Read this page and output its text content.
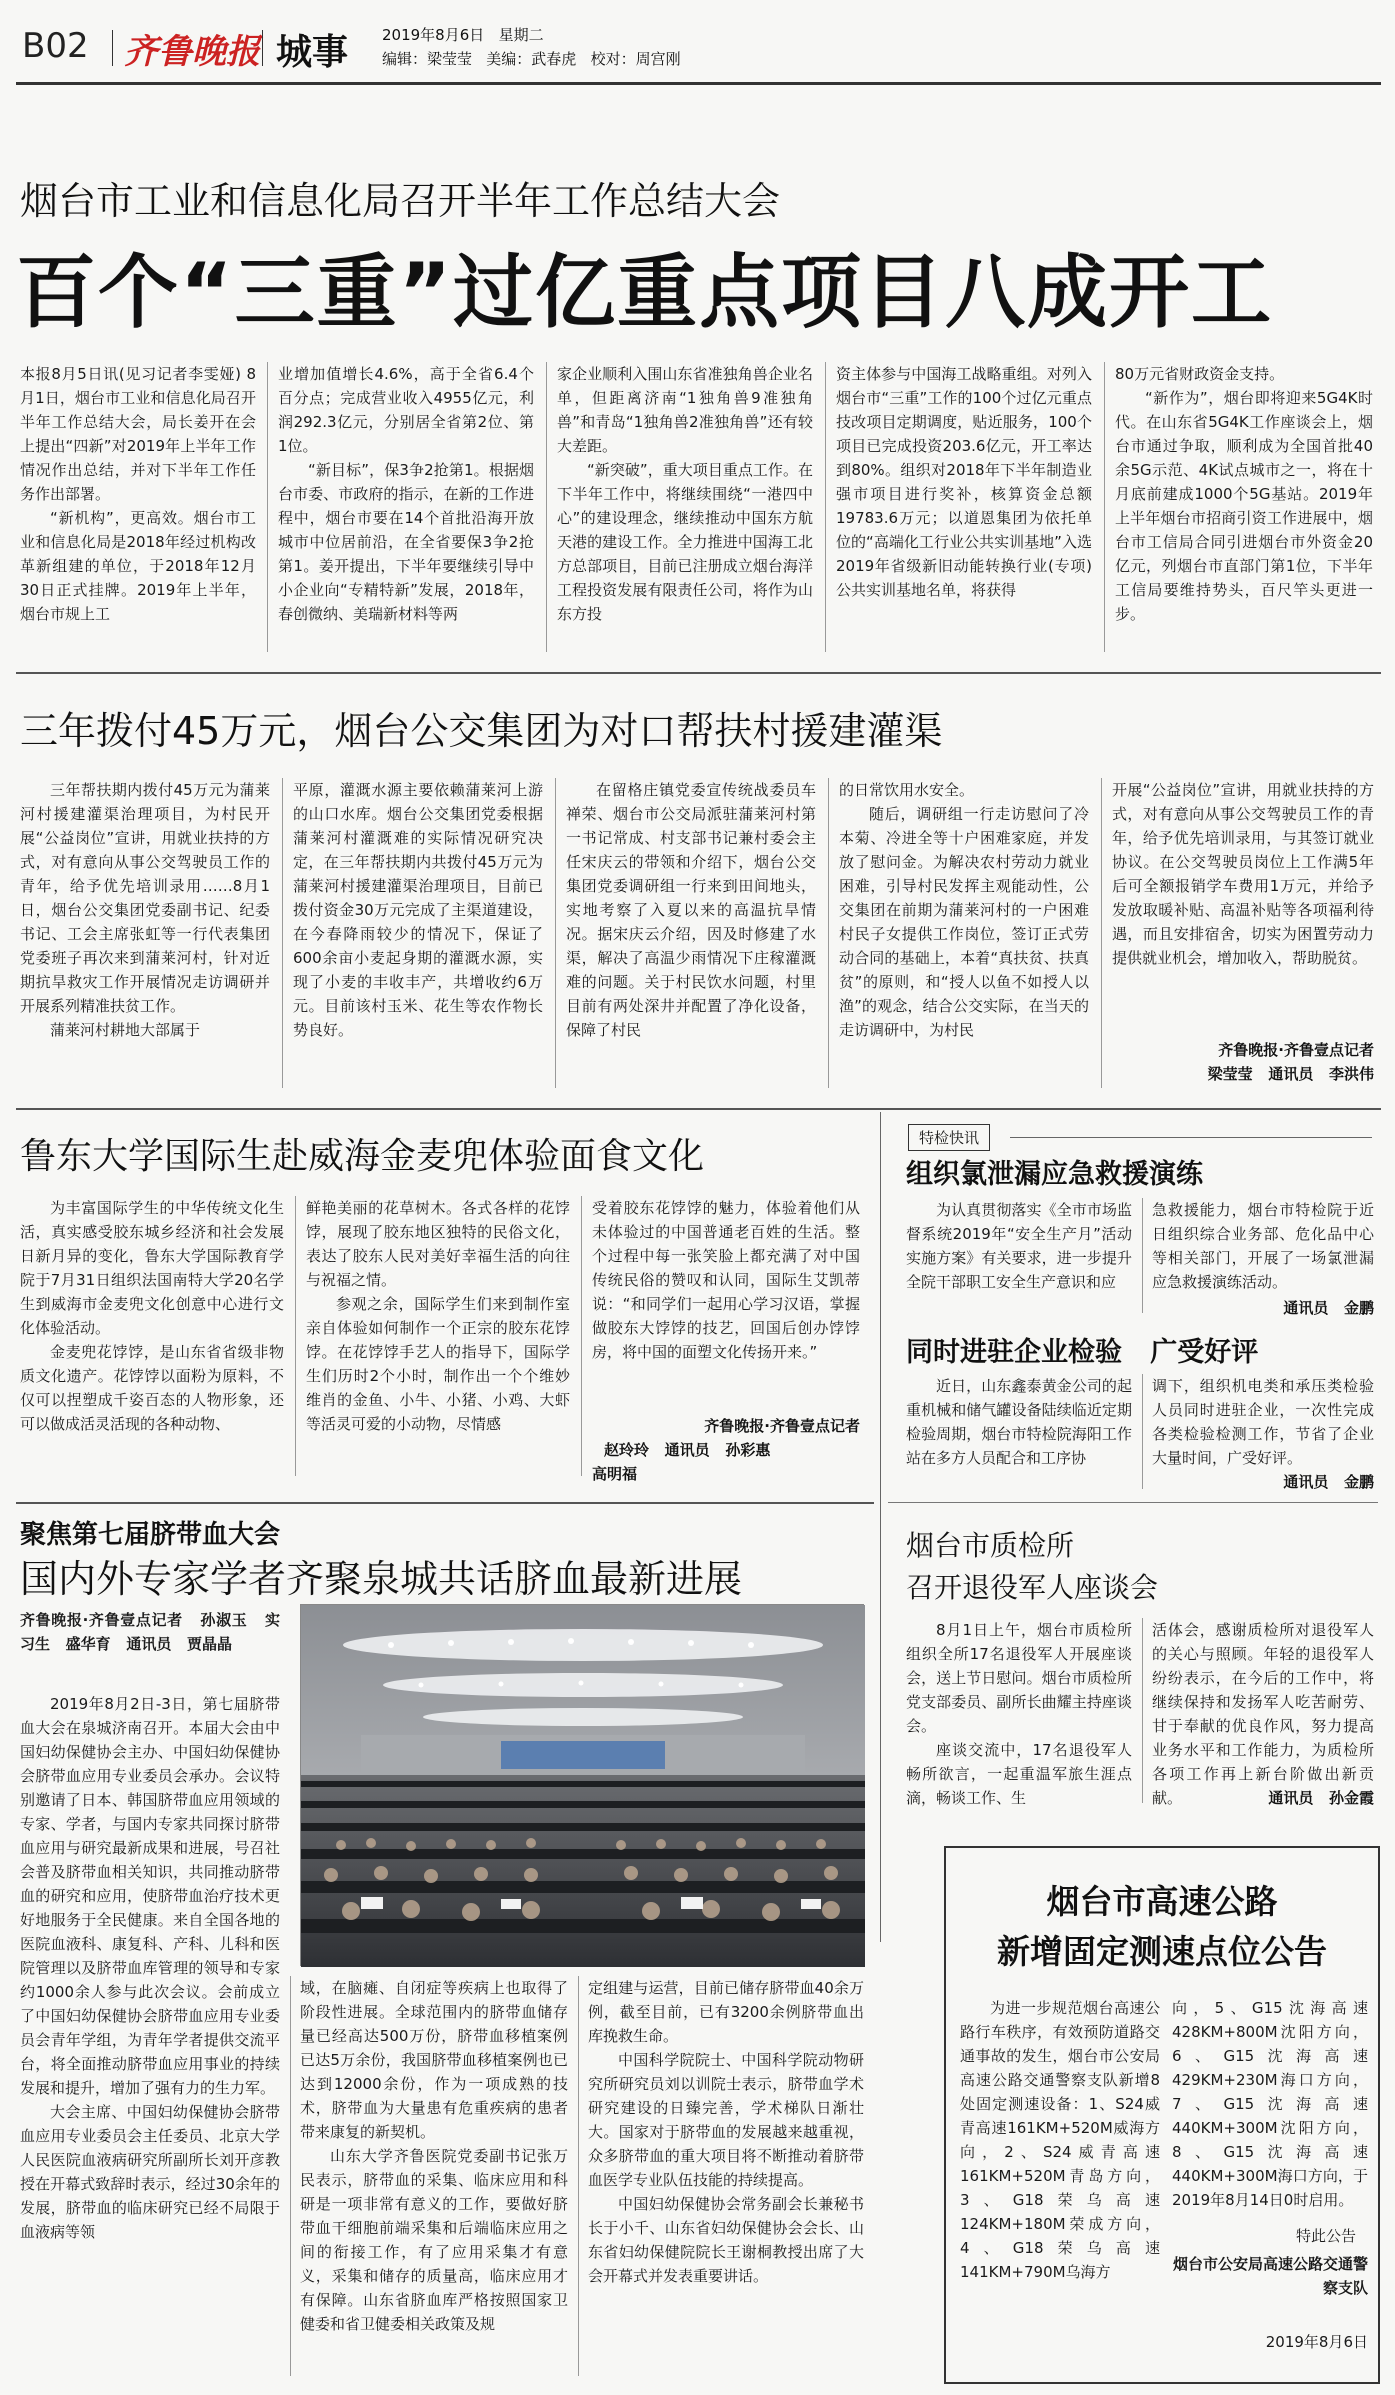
B02 齐鲁晚报 城事 2019年8月6日   星期二
编辑：梁莹莹   美编：武春虎   校对：周宫刚
烟台市工业和信息化局召开半年工作总结大会
百个“三重”过亿重点项目八成开工

本报8月5日讯(见习记者李雯娅) 8月1日，烟台市工业和信息化局召开半年工作总结大会，局长姜开在会上提出“四新”对2019年上半年工作情况作出总结，并对下半年工作任务作出部署。

“新机构”，更高效。烟台市工业和信息化局是2018年经过机构改革新组建的单位，于2018年12月30日正式挂牌。2019年上半年，烟台市规上工

业增加值增长4.6%，高于全省6.4个百分点；完成营业收入4955亿元，利润292.3亿元，分别居全省第2位、第1位。

“新目标”，保3争2抢第1。根据烟台市委、市政府的指示，在新的工作进程中，烟台市要在14个首批沿海开放城市中位居前沿，在全省要保3争2抢第1。姜开提出，下半年要继续引导中小企业向“专精特新”发展，2018年，春创微纳、美瑞新材料等两

家企业顺利入围山东省准独角兽企业名单，但距离济南“1独角兽9准独角兽”和青岛“1独角兽2准独角兽”还有较大差距。

“新突破”，重大项目重点工作。在下半年工作中，将继续围绕“一港四中心”的建设理念，继续推动中国东方航天港的建设工作。全力推进中国海工北方总部项目，目前已注册成立烟台海洋工程投资发展有限责任公司，将作为山东方投

资主体参与中国海工战略重组。对列入烟台市“三重”工作的100个过亿元重点技改项目定期调度，贴近服务，100个项目已完成投资203.6亿元，开工率达到80%。组织对2018年下半年制造业强市项目进行奖补，核算资金总额19783.6万元；以道恩集团为依托单位的“高端化工行业公共实训基地”入选2019年省级新旧动能转换行业(专项)公共实训基地名单，将获得

80万元省财政资金支持。

“新作为”，烟台即将迎来5G4K时代。在山东省5G4K工作座谈会上，烟台市通过争取，顺利成为全国首批40余5G示范、4K试点城市之一，将在十月底前建成1000个5G基站。2019年上半年烟台市招商引资工作进展中，烟台市工信局合同引进烟台市外资金20亿元，列烟台市直部门第1位，下半年工信局要维持势头，百尺竿头更进一步。

三年拨付45万元，烟台公交集团为对口帮扶村援建灌渠

三年帮扶期内拨付45万元为蒲莱河村援建灌渠治理项目，为村民开展“公益岗位”宣讲，用就业扶持的方式，对有意向从事公交驾驶员工作的青年，给予优先培训录用……8月1日，烟台公交集团党委副书记、纪委书记、工会主席张虹等一行代表集团党委班子再次来到蒲莱河村，针对近期抗旱救灾工作开展情况走访调研并开展系列精准扶贫工作。

蒲莱河村耕地大部属于

平原，灌溉水源主要依赖蒲莱河上游的山口水库。烟台公交集团党委根据蒲莱河村灌溉难的实际情况研究决定，在三年帮扶期内共拨付45万元为蒲莱河村援建灌渠治理项目，目前已拨付资金30万元完成了主渠道建设，在今春降雨较少的情况下，保证了600余亩小麦起身期的灌溉水源，实现了小麦的丰收丰产，共增收约6万元。目前该村玉米、花生等农作物长势良好。

在留格庄镇党委宣传统战委员车禅荣、烟台市公交局派驻蒲莱河村第一书记常成、村支部书记兼村委会主任宋庆云的带领和介绍下，烟台公交集团党委调研组一行来到田间地头，实地考察了入夏以来的高温抗旱情况。据宋庆云介绍，因及时修建了水渠，解决了高温少雨情况下庄稼灌溉难的问题。关于村民饮水问题，村里目前有两处深井并配置了净化设备，保障了村民

的日常饮用水安全。

随后，调研组一行走访慰问了冷本菊、冷进全等十户困难家庭，并发放了慰问金。为解决农村劳动力就业困难，引导村民发挥主观能动性，公交集团在前期为蒲莱河村的一户困难村民子女提供工作岗位，签订正式劳动合同的基础上，本着“真扶贫、扶真贫”的原则，和“授人以鱼不如授人以渔”的观念，结合公交实际，在当天的走访调研中，为村民

开展“公益岗位”宣讲，用就业扶持的方式，对有意向从事公交驾驶员工作的青年，给予优先培训录用，与其签订就业协议。在公交驾驶员岗位上工作满5年后可全额报销学车费用1万元，并给予发放取暖补贴、高温补贴等各项福利待遇，而且安排宿舍，切实为困置劳动力提供就业机会，增加收入，帮助脱贫。

齐鲁晚报·齐鲁壹点记者
梁莹莹   通讯员   李洪伟
鲁东大学国际生赴威海金麦兜体验面食文化

为丰富国际学生的中华传统文化生活，真实感受胶东城乡经济和社会发展日新月异的变化，鲁东大学国际教育学院于7月31日组织法国南特大学20名学生到威海市金麦兜文化创意中心进行文化体验活动。

金麦兜花饽饽，是山东省省级非物质文化遗产。花饽饽以面粉为原料，不仅可以捏塑成千姿百态的人物形象，还可以做成活灵活现的各种动物、

鲜艳美丽的花草树木。各式各样的花饽饽，展现了胶东地区独特的民俗文化，表达了胶东人民对美好幸福生活的向往与祝福之情。

参观之余，国际学生们来到制作室亲自体验如何制作一个正宗的胶东花饽饽。在花饽饽手艺人的指导下，国际学生们历时2个小时，制作出一个个维妙维肖的金鱼、小牛、小猪、小鸡、大虾等活灵可爱的小动物，尽情感

受着胶东花饽饽的魅力，体验着他们从未体验过的中国普通老百姓的生活。整个过程中每一张笑脸上都充满了对中国传统民俗的赞叹和认同，国际生艾凯蒂说：“和同学们一起用心学习汉语，掌握做胶东大饽饽的技艺，回国后创办饽饽房，将中国的面塑文化传扬开来。”

齐鲁晚报·齐鲁壹点记者
赵玲玲   通讯员   孙彩惠
高明福
特检快讯
组织氯泄漏应急救援演练

为认真贯彻落实《全市市场监督系统2019年“安全生产月”活动实施方案》有关要求，进一步提升全院干部职工安全生产意识和应

急救援能力，烟台市特检院于近日组织综合业务部、危化品中心等相关部门，开展了一场氯泄漏应急救援演练活动。

通讯员   金鹏
同时进驻企业检验   广受好评

近日，山东鑫泰黄金公司的起重机械和储气罐设备陆续临近定期检验周期，烟台市特检院海阳工作站在多方人员配合和工序协

调下，组织机电类和承压类检验人员同时进驻企业，一次性完成各类检验检测工作，节省了企业大量时间，广受好评。

通讯员   金鹏
烟台市质检所
召开退役军人座谈会

8月1日上午，烟台市质检所组织全所17名退役军人开展座谈会，送上节日慰问。烟台市质检所党支部委员、副所长曲耀主持座谈会。

座谈交流中，17名退役军人畅所欲言，一起重温军旅生涯点滴，畅谈工作、生

活体会，感谢质检所对退役军人的关心与照顾。年轻的退役军人纷纷表示，在今后的工作中，将继续保持和发扬军人吃苦耐劳、甘于奉献的优良作风，努力提高业务水平和工作能力，为质检所各项工作再上新台阶做出新贡献。	通讯员   孙金霞
聚焦第七届脐带血大会
国内外专家学者齐聚泉城共话脐血最新进展

齐鲁晚报·齐鲁壹点记者   孙淑玉   实习生   盛华育   通讯员   贾晶晶

2019年8月2日-3日，第七届脐带血大会在泉城济南召开。本届大会由中国妇幼保健协会主办、中国妇幼保健协会脐带血应用专业委员会承办。会议特别邀请了日本、韩国脐带血应用领域的专家、学者，与国内专家共同探讨脐带血应用与研究最新成果和进展，号召社会普及脐带血相关知识，共同推动脐带血的研究和应用，使脐带血治疗技术更好地服务于全民健康。来自全国各地的医院血液科、康复科、产科、儿科和医院管理以及脐带血库管理的领导和专家约1000余人参与此次会议。会前成立了中国妇幼保健协会脐带血应用专业委员会青年学组，为青年学者提供交流平台，将全面推动脐带血应用事业的持续发展和提升，增加了强有力的生力军。

大会主席、中国妇幼保健协会脐带血应用专业委员会主任委员、北京大学人民医院血液病研究所副所长刘开彦教授在开幕式致辞时表示，经过30余年的发展，脐带血的临床研究已经不局限于血液病等领

域，在脑瘫、自闭症等疾病上也取得了阶段性进展。全球范围内的脐带血储存量已经高达500万份，脐带血移植案例已达5万余份，我国脐带血移植案例也已达到12000余份，作为一项成熟的技术，脐带血为大量患有危重疾病的患者带来康复的新契机。

山东大学齐鲁医院党委副书记张万民表示，脐带血的采集、临床应用和科研是一项非常有意义的工作，要做好脐带血干细胞前端采集和后端临床应用之间的衔接工作，有了应用采集才有意义，采集和储存的质量高，临床应用才有保障。山东省脐血库严格按照国家卫健委和省卫健委相关政策及规

定组建与运营，目前已储存脐带血40余万例，截至目前，已有3200余例脐带血出库挽救生命。

中国科学院院士、中国科学院动物研究所研究员刘以训院士表示，脐带血学术研究建设的日臻完善，学术梯队日渐壮大。国家对于脐带血的发展越来越重视，众多脐带血的重大项目将不断推动着脐带血医学专业队伍技能的持续提高。

中国妇幼保健协会常务副会长兼秘书长于小千、山东省妇幼保健协会会长、山东省妇幼保健院院长王谢桐教授出席了大会开幕式并发表重要讲话。

烟台市高速公路
新增固定测速点位公告

为进一步规范烟台高速公路行车秩序，有效预防道路交通事故的发生，烟台市公安局高速公路交通警察支队新增8处固定测速设备：1、S24威青高速161KM+520M威海方向，2、S24威青高速161KM+520M青岛方向，3、G18荣乌高速124KM+180M荣成方向，4、G18荣乌高速141KM+790M乌海方

向，5、G15沈海高速428KM+800M沈阳方向，6、G15沈海高速429KM+230M海口方向，7、G15沈海高速440KM+300M沈阳方向，8、G15沈海高速440KM+300M海口方向，于2019年8月14日0时启用。

特此公告
烟台市公安局高速公路交通警察支队
2019年8月6日
